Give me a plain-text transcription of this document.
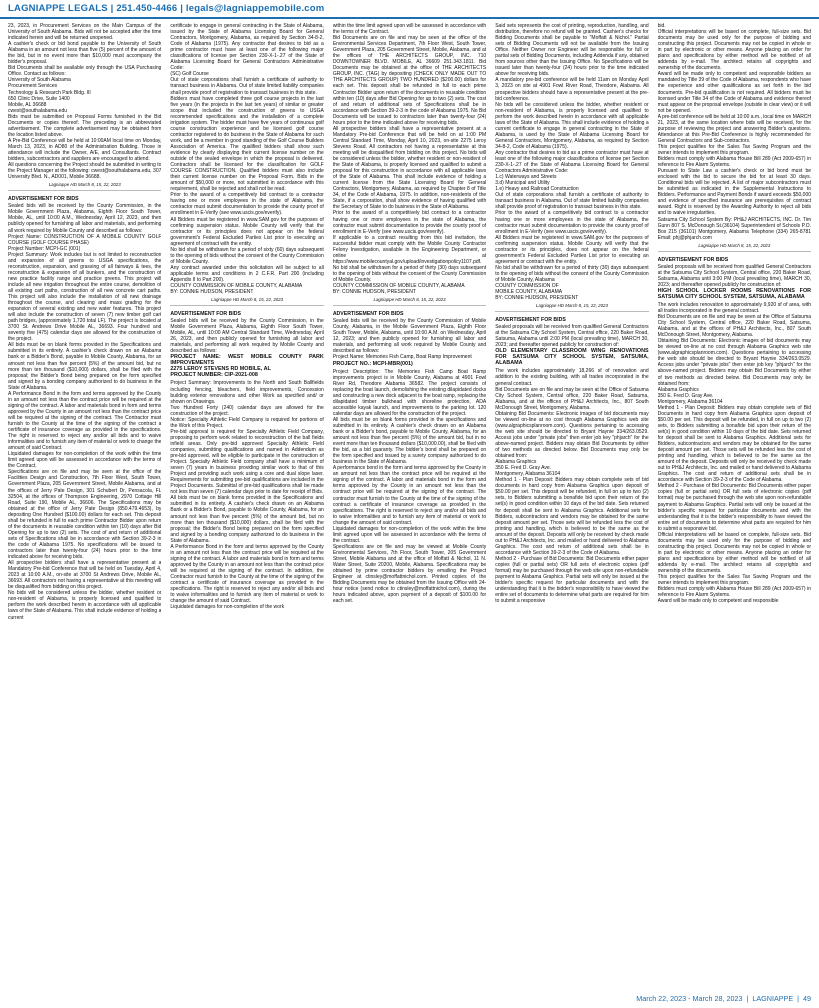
LAGNIAPPE LEGALS | 251.450-4466 | legals@lagniappemobile.com

23, 2023, in Procurement Services on the Main Campus of the University of South Alabama. Bids will not be accepted after the time indicated herein and will be returned unopened.
A cashier's check or bid bond payable to the University of South Alabama in an amount not less than five (5) percent of the amount of the bid, but in no event more than $10,000 must accompany the bidder's proposal.
Bid Documents shall be available only through the USA Purchasing Office. Contact as follows:
University of South Alabama
Procurement Services
Technology & Research Park Bldg. III
650 Clinic Drive, Suite 1400
Mobile, AL 36688
cwest@southalabama.edu
Bids must be submitted on Proposal Forms furnished in the Bid Documents or copies thereof. The preceding is an abbreviated advertisement. The complete advertisement may be obtained from the location listed above.
A Pre-Bid Conference will be held at 10:00AM local time on Monday, March 13, 2023, in AD80 of the Administration Building. Those in attendance will include the Owner, A/E, and Consultants. Contract bidders, subcontractors and suppliers are encouraged to attend.
All questions concerning the Project should be submitted in writing to the Project Manager at the following: cwest@southalabama.edu, 307 University Blvd. N., AD001, Mobile 36688.

Lagniappe HD March 8, 15, 22, 2023
ADVERTISEMENT FOR BIDS

Sealed bids will be received by the County Commission, in the Mobile Government Plaza, Alabama, Eighth Floor South Tower, Mobile, AL, until 10:00 A.M., Wednesday, April 12, 2023, and then publicly opened for furnishing all labor and materials, and performing all work required by Mobile County and described as follows:
Project Name: CONSTRUCTION OF A MOBILE COUNTY GOLF COURSE (GOLF COURSE PHASE)
Project Number: MCPI-GC (001)
Project Summary: Work includes but is not limited to reconstruction and expansion of all greens to USGA specifications, the reconstruction, expansion, and grassing of all fairways & tees, the reconstruction & expansion of all bunkers, and the construction of new practice facility range and practice greens. This project will include all new irrigation throughout the entire course, demolition of all existing cart paths, construction of all new concrete cart paths. This project will also include the installation of all new drainage throughout the course, and clearing and mass grading for the expansion of several existing and new water features. This project will also include the construction of seven (7) new timber golf cart path bridges, (approximately 1,720 total LF). The project is located at 3700 St. Andrews Drive Mobile AL, 36693. Four hundred and seventy five (475) calendar days are allowed for the construction of the project.
All bids must be on blank forms provided in the Specifications and submitted in its entirety. A cashier's check drawn on an Alabama bank or a Bidder's Bond, payable to Mobile County, Alabama, for an amount not less than five percent (5%) of the amount bid, but no more than ten thousand ($10,000) dollars, shall be filed with the proposal; the Bidder's Bond being prepared on the form specified and signed by a bonding company authorized to do business in the State of Alabama.
A Performance Bond in the form and terms approved by the County in an amount not less than the contract price will be required at the signing of the contract. A labor and materials bond in form and terms approved by the County in an amount not less than the contract price will be required at the signing of the contract. The Contractor must furnish to the County at the time of the signing of the contract a certificate of insurance coverage as provided in the specifications. The right is reserved to reject any and/or all bids and to waive informalities and to furnish any item of material or work to change the amount of said Contract.
Liquidated damages for non-completion of the work within the time limit agreed upon will be assessed in accordance with the terms of the Contract.
Specifications are on file and may be seen at the office of the Facilities Design and Construction, 7th Floor West, South Tower, Government Plaza, 205 Government Street, Mobile Alabama, and at the offices of Jerry Pate Design, 301 Schubert Dr, Pensacola, FL 32504, at the offices of Thompson Engineering, 2970 Cottage Hill Road, Suite 190, Mobile AL, 36606. The Specifications may be obtained at the office of Jerry Pate Design (850.479.4653), by depositing One Hundred ($100.00) dollars for each set. This deposit shall be refunded in full to each prime Contractor Bidder upon return of the documents in reusable condition within ten (10) days after Bid Opening for up to two (2) sets. The cost of and return of additional sets of Specifications shall be in accordance with Section 39-2-3 in the code of Alabama 1975. No specifications will be issued to contractors later than twenty-four (24) hours prior to the time indicated above for receiving bids.
All prospective bidders shall have a representative present at a Mandatory Pre-bid Conference that will be held on Tuesday, April 4, 2023 at 10:00 A.M., on-site at 3700 St Andrews Drive, Mobile AL, 36693. All contractors not having a representative at this meeting will be disqualified from bidding on this project.
No bids will be considered unless the bidder, whether resident or non-resident of Alabama, is properly licensed and qualified to perform the work described herein in accordance with all applicable laws of the State of Alabama. This shall include evidence of holding a current

certificate to engage in general contracting in the State of Alabama, issued by the State of Alabama Licensing Board for General Contractors, Montgomery, Alabama, as required by Section 34-8-2, Code of Alabama (1975). Any contractor that desires to bid as a prime contractor must have at least one of the following major classifications of license per Section 230-X-1-.27 of the State of Alabama Licensing Board for General Contractors Administrative Code:
(SC) Golf Course
Out of state corporations shall furnish a certificate of authority to transact business in Alabama. Out of state limited liability companies shall provide proof of registration to transact business in this state.
Bidders must have completed three golf course projects in the last five years (in the projects in the last ten years) of similar or greater scope that included the construction of greens to USGA recommended specifications and the installation of a complete irrigation system. The bidder must have five years of continuous golf course construction experience and be licensed golf course contractor registered to do business in the State of Alabama for such work, and be a member in good standing of the Golf Course Builders Association of America. The qualified bidders shall show such evidence by clearly displaying their current license number on the outside of the sealed envelope in which the proposal is delivered. Contractors shall be licensed for the classification for GOLF COURSE CONSTRUCTION. Qualified bidders must also include their current license number on the Proposal Form. Bids in the amount of $50,000 or more, not submitted in accordance with this requirement, shall be rejected and shall not be read.
Prior to the award of a competitively bid contract to a contractor having one or more employees in the state of Alabama, the contractor must submit documentation to provide the county proof of enrollment in E-Verify (see www.uscis.gov/everify).
All Bidders must be registered in www.SAM.gov for the purposes of confirming suspension status. Mobile County will verify that the contractor or its principles does not appear on the federal government's Federal Excluded Parties List prior to executing an agreement of contract with the entity.
No bid shall be withdrawn for a period of sixty (60) days subsequent to the opening of bids without the consent of the County Commission of Mobile County.
Any contract awarded under this solicitation will be subject to all applicable terms and conditions in 2 C.F.R. Part 200 (including Appendix II to Part 200).
COUNTY COMMISSION OF MOBILE COUNTY, ALABAMA
BY: CONNIE HUDSON, PRESIDENT

Lagniappe HD March 8, 15, 22, 2023
ADVERTISEMENT FOR BIDS

Sealed bids will be received by the County Commission, in the Mobile Government Plaza, Alabama, Eighth Floor South Tower, Mobile, AL, until 10:00 AM Central Standard Time, Wednesday, April 26, 2023, and then publicly opened for furnishing all labor and materials, and performing all work required by Mobile County and described as follows:

PROJECT NAME: WEST MOBILE COUNTY PARK IMPROVEMENTS
2275 LEROY STEVENS RD MOBILE, AL
PROJECT NUMBER: CIP-2021-008

Project Summary: Improvements to the North and South Ballfields including fencing, bleachers, field improvements, Concession building exterior renovations and other Work as specified and/ or shown on Drawings.
Two Hundred Forty (240) calendar days are allowed for the construction of the project.
Notice: Specialty Athletic Field Company is required for portions of the Work of this Project.
Pre-bid approval is required for Specialty Athletic Field Company, proposing to perform work related to reconstruction of the ball fields infield areas. Only pre-bid approved Specialty Athletic Field companies, submitting qualifications and named in Addendum as pre-bid approved, will be eligible to participate in the construction of Project. Specialty Athletic Field company shall have a minimum of seven (7) years in business providing similar work to that of this Project and providing such work using a core and dual slope laser. Requirements for submitting pre-bid qualifications are included in the Project Documents. Submittal of pre-bid qualifications shall be made not less than seven (7) calendar days prior to date for receipt of Bids.
All bids must be on blank forms provided in the Specifications and submitted in its entirety. A cashier's check drawn on an Alabama Bank or a Bidder's Bond, payable to Mobile County, Alabama, for an amount not less than five percent (5%) of the amount bid, but no more than ten thousand ($10,000) dollars, shall be filed with the proposal; the Bidder's Bond being prepared on the form specified and signed by a bonding company authorized to do business in the State of Alabama.
A Performance Bond in the form and terms approved by the County in an amount not less than the contract price will be required at the signing of the contract. A labor and materials bond in form and terms approved by the County in an amount not less than the contract price will be required at the signing of the contract. In addition, the Contractor must furnish to the County at the time of the signing of the contract a certificate of insurance coverage as provided in the specifications. The right is reserved to reject any and/or all bids and to waive informalities and to furnish any item of material or work to change the amount of said Contract.
Liquidated damages for non-completion of the work

within the time limit agreed upon will be assessed in accordance with the terms of the Contract.
Bid Documents are on file and may be seen at the office of the Environmental Services Department, 7th Floor West, South Tower, Government Plaza, 205 Government Street, Mobile, Alabama, and at the offices of THE ARCHITECTS GROUP, INC. 710 DOWNTOWNER BLVD. MOBILE, AL 36609 251.343.1811. Bid Documents may be obtained at the office of THE ARCHITECTS GROUP, INC. (TAG) by depositing (CHECK ONLY MADE OUT TO THE ARCHITECTS GROUP) TWO HUNDRED ($200.00) dollars for each set. This deposit shall be refunded in full to each prime Contractor Bidder upon return of the documents in reusable condition within ten (10) days after Bid Opening for up to two (2) sets. The cost of and return of additional sets of Specifications shall be in accordance with Section 39-2-3 in the code of Alabama 1975. No Bid Documents will be issued to contractors later than twenty-four (24) hours prior to the time indicated above for receiving bids.
All prospective bidders shall have a representative present at a Mandatory Pre-bid Conference that will be held on at 1:00 PM Central Standard Time, Monday, April 10, 2023, on-site 2275 Leroy Stevens Road. All contractors not having a representative at this meeting will be disqualified from bidding on this project. No bids will be considered unless the bidder, whether resident or non-resident of the State of Alabama, is properly licensed and qualified to submit a proposal for this construction in accordance with all applicable laws of the State of Alabama. This shall include evidence of holding a current license from the State Licensing Board for General Contractors, Montgomery, Alabama, as required by Chapter 8 of Title 34, of the Code of Alabama, 1975. In addition, non-residents of the State, if a corporation, shall show evidence of having qualified with the Secretary of State to do business in the State of Alabama.
Prior to the award of a competitively bid contract to a contractor having one or more employees in the state of Alabama, the contractor must submit documentation to provide the county proof of enrollment in E-Verify (see www.uscis.gov/everify).
If applicable to a contract resulting from this bid invitation, the successful bidder must comply with the Mobile County Contractor Felony Investigation, available in the Engineering Department, or online at https://www.mobilecountyal.gov/upload/investigationpolicy1107.pdf.
No bid shall be withdrawn for a period of thirty (30) days subsequent to the opening of bids without the consent of the County Commission of Mobile County.
COUNTY COMMISSION OF MOBILE COUNTY, ALABAMA
BY: CONNIE HUDSON, PRESIDENT

Lagniappe HD March 8, 15, 22, 2023
ADVERTISEMENT FOR BIDS

Sealed bids will be received by the County Commission of Mobile County, Alabama, in the Mobile Government Plaza, Eighth Floor South Tower, Mobile, Alabama, until 10:00 A.M. on Wednesday, April 12, 2023; and then publicly opened for furnishing all labor and materials, and performing all work required by Mobile County and described as follows:
Project Name: Memories Fish Camp, Boat Ramp Improvement

PROJECT NO.: MCPI-MBR(001)

Project Description: The Memories Fish Camp Boat Ramp improvements project is in Mobile County, Alabama at 4901 Fowl River Rd, Theodore Alabama 36582. The project consists of replacing the boat launch, demolishing the existing dilapidated docks and constructing a new dock adjacent to the boat ramp, replacing the dilapidated timber bulkhead with shoreline protection, ADA accessible kayak launch, and improvements to the parking lot. 120 calendar days are allowed for the construction of the project.
All bids must be on blank forms provided in the specifications and submitted in its entirety. A cashier's check drawn on an Alabama bank or a Bidder's bond, payable to Mobile County, Alabama, for an amount not less than five percent (5%) of the amount bid, but in no event more than ten thousand dollars ($10,000.00), shall be filed with the bid, as a bid guaranty. The bidder's bond shall be prepared on the form specified and issued by a surety company authorized to do business in the State of Alabama.
A performance bond in the form and terms approved by the County in an amount not less than the contract price will be required at the signing of the contract. A labor and materials bond in the form and terms approved by the County in an amount not less than the contract price will be required at the signing of the contract. The contractor must furnish to the County at the time of the signing of the contract a certificate of insurance coverage as provided in the specifications. The right is reserved to reject any and/or all bids and to waive informalities and to furnish any item of material or work to change the amount of said contract.
Liquidated damages for non-completion of the work within the time limit agreed upon will be assessed in accordance with the terms of the contract.
Specifications are on file and may be viewed at Mobile County Environmental Services, 7th Floor, South Tower, 205 Government Street, Mobile Alabama and at the office of Moffatt & Nichol, 11 N. Water Street, Suite 20200, Mobile, Alabama. Specifications may be obtained by prime contractor bidders by emailing the Project Engineer at ctinsley@moffattnichol.com. Printed copies of the Bidding Documents may be obtained from the Issuing Office with 24-hour notice (send notice to ctinsley@moffattnichol.com), during the hours indicated above, upon payment of a deposit of $100.00 for each set.

Said sets represents the cost of printing, reproduction, handling, and distribution, therefore no refund will be granted. Cashier's checks for Bidding Documents shall be payable to "Moffatt & Nichol." Partial sets of Bidding Documents will not be available from the Issuing Office. Neither Owner nor Engineer will be responsible for full or partial sets of Bidding Documents, including Addenda if any, obtained from sources other than the Issuing Office. No Specifications will be issued later than twenty-four (24) hours prior to the time indicated above for receiving bids.
A mandatory pre-bid conference will be held 11am on Monday April 3, 2023 on site at 4901 Fowl River Road, Theodore, Alabama. All prospective bidders should have a representative present at the pre-bid conference.
No bids will be considered unless the bidder, whether resident or non-resident of Alabama, is properly licensed and qualified to perform the work described herein in accordance with all applicable laws of the State of Alabama. This shall include evidence of holding a current certificate to engage in general contracting in the State of Alabama, is used by the State of Alabama Licensing Board for General Contractors, Montgomery, Alabama, as required by Section 34-8-2, Code of Alabama (1975).
Any contractor that desires to bid as a prime contractor must have at least one of the following major classifications of license per Section 230-X-1-.27 of the State of Alabama Licensing Board for General Contractors Administrative Code:
1.c) Waterways and Streets
3.d) Municipal and Utility
1.e) Heavy and Railroad Construction
Out of state corporations shall furnish a certificate of authority to transact business in Alabama. Out of state limited liability companies shall provide proof of registration to transact business in this state.
Prior to the award of a competitively bid contract to a contractor having one or more employees in the state of Alabama, the contractor must submit documentation to provide the county proof of enrollment in E-Verify (see www.uscis.gov/everify).
All Bidders must be registered in www.SAM.gov for the purposes of confirming suspension status. Mobile County will verify that the contractor or its principles, does not appear on the federal government's Federal Excluded Parties List prior to executing an agreement or contract with the entity.
No bid shall be withdrawn for a period of thirty (30) days subsequent to the opening of bids without the consent of the County Commission of Mobile County, Alabama
COUNTY COMMISSION OF
MOBILE COUNTY, ALABAMA
BY: CONNIE HUDSON, PRESIDENT

Lagniappe HD March 8, 15, 22, 2023
ADVERTISEMENT FOR BIDS

Sealed proposals will be received from qualified General Contractors at the Satsuma City School System, Central office, 220 Baker Road, Satsuma, Alabama until 2:00 PM (local prevailing time), MARCH 30, 2023; and thereafter opened publicly for construction of:

OLD ELEMENTARY CLASSROOM WING RENOVATIONS FOR SATSUMA CITY SCHOOL SYSTEM, SATSUMA, ALABAMA

The work includes approximately 18,266 sf of renovation and addition to the existing building, with all trades incorporated in the general contract.
Bid Documents are on file and may be seen at the Office of Satsuma City School System, Central office, 220 Baker Road, Satsuma, Alabama, and at the offices of PH&J Architects, Inc., 807 South McDonough Street, Montgomery, Alabama.
Obtaining Bid Documents: Electronic images of bid documents may be viewed on-line at no cost through Alabama Graphics web site (www.algraphicsplanroom.com). Questions pertaining to accessing the web site should be directed to Bryant Haynie 334/263.0529. Access jobs under "private jobs" then enter job key "phjarch" for the above-named project. Bidders may obtain Bid Documents by either of two methods as directed below. Bid Documents may only be obtained from:
Alabama Graphics
350 E. Fred D. Gray Ave.
Montgomery, Alabama 36104
Method 1 - Plan Deposit: Bidders may obtain complete sets of bid documents in hard copy from Alabama Graphics upon deposit of $50.00 per set. This deposit will be refunded, in full on up to two (2) sets, to Bidders submitting a bonafide bid upon their return of the set(s) in good condition within 10 days of the bid date. Sets returned for deposit shall be sent to Alabama Graphics. Additional sets for Bidders, subcontractors and vendors may be obtained for the same deposit amount per set. Those sets will be refunded less the cost of printing and handling, which is believed to be the same as the amount of the deposit. Deposits will only be received by check made out to PH&J Architects, Inc. and mailed or hand delivered to Alabama Graphics. The cost and return of additional sets shall be in accordance with Section 39-2-3 of the Code of Alabama.
Method 2 - Purchase of Bid Documents: Bid Documents either paper copies (full or partial sets) OR full sets of electronic copies (pdf format) may be purchased through the web site upon non-refundable payment to Alabama Graphics. Partial sets will only be issued at the bidder's specific request for particular documents and with the understanding that it is the bidder's responsibility to have viewed the entire set of documents to determine what parts are required for him to submit a responsive

bid.
Official interpretations will be based on complete, full-size sets. Bid documents may be used only for the purpose of bidding and constructing this project. Documents may not be copied in whole or in part by electronic or other means. Anyone placing an order for plans and specifications by either method will be notified of all addenda by e-mail. The architect retains all copyrights and ownership of the documents.
Award will be made only to competent and responsible bidders as mandated by Title 39 of the Code of Alabama, respondents who have the experience and other qualifications as set forth in the bid documents. Pre-bid qualification is not required. All bidders must be licensed under Title 34 of the Code of Alabama and evidence thereof must appear on the proposal envelope (outside in clear view) or it will not be opened.
A pre-bid conference will be held at 10:00 a.m., local time on MARCH 21, 2023, at the same location where bids will be received, for the purpose of reviewing the project and answering Bidder's questions. Attendance at this Pre-Bid Conference is highly recommended for General Contractors and Sub-contractors.
This project qualifies for the Sales Tax Saving Program and the owner intends to implement this program.
Bidders must comply with Alabama House Bill 289 (Act 2009-657) in reference to Fire Alarm Systems.
Pursuant to State Law a cashier's check or bid bond must be enclosed with the bid to secure the bid for at least 30 days. Conditional bids will be rejected. A list of major subcontractors must be submitted as indicated in the Supplemental Instructions to Bidders. Performance and Payment Bonds if award exceeds $50,000 and evidence of specified insurance are prerequisites of contract award. Right is reserved by the Awarding Authority to reject all bids and to waive irregularities.
Satsuma City School System By: PH&J ARCHITECTS, INC. Dr. Tim Gunn 807 S. McDonough St.(36104) Superintendent of Schools P.O. Box 215 (36101) Montgomery, Alabama Telephone (334) 265-8781 Email: phj@phjarch.com

Lagniappe HD March 8, 15, 22, 2023
ADVERTISEMENT FOR BIDS

Sealed proposals will be received from qualified General Contractors at the Satsuma City School System, Central office, 220 Baker Road, Satsuma, Alabama until 3:00 PM (local prevailing time), MARCH 30, 2023; and thereafter opened publicly for construction of:

HIGH SCHOOL LOCKER ROOMS RENOVATIONS FOR SATSUMA CITY SCHOOL SYSTEM, SATSUMA, ALABAMA

The work includes renovation to approximately 9,920 sf of area, with all trades incorporated in the general contract.
Bid Documents are on file and may be seen at the Office of Satsuma City School System, Central office, 220 Baker Road, Satsuma, Alabama, and at the offices of PH&J Architects, Inc., 807 South McDonough Street, Montgomery, Alabama.
Obtaining Bid Documents: Electronic images of bid documents may be viewed on-line at no cost through Alabama Graphics web site (www.algraphicsplanroom.com). Questions pertaining to accessing the web site should be directed to Bryant Haynie 334/263.0529. Access jobs under "private jobs" then enter job key "phjarch" for the above-named project. Bidders may obtain Bid Documents by either of two methods as directed below. Bid Documents may only be obtained from:
Alabama Graphics
350 E. Fred D. Gray Ave.
Montgomery, Alabama 36104
Method 1 - Plan Deposit: Bidders may obtain complete sets of Bid Documents in hard copy from Alabama Graphics upon deposit of $50.00 per set. This deposit will be refunded, in full on up to two (2) sets, to Bidders submitting a bonafide bid upon their return of the set(s) in good condition within 10 days of the bid date. Sets returned for deposit shall be sent to Alabama Graphics. Additional sets for Bidders, subcontractors and vendors may be obtained for the same deposit amount per set. Those sets will be refunded less the cost of printing and handling, which is believed to be the same as the amount of the deposit. Deposits will only be received by check made out to PH&J Architects, Inc. and mailed or hand delivered to Alabama Graphics. The cost and return of additional sets shall be in accordance with Section 39-2-3 of the Code of Alabama.
Method 2 - Purchase of Bid Documents: Bid Documents either paper copies (full or partial sets) OR full sets of electronic copies (pdf format) may be purchased through the web site upon non-refundable payment to Alabama Graphics. Partial sets will only be issued at the bidder's specific request for particular documents and with the understanding that it is the bidder's responsibility to have viewed the entire set of documents to determine what parts are required for him to submit a responsive bid.
Official interpretations will be based on complete, full-size sets. Bid documents may be used only for the purpose of bidding and constructing this project. Documents may not be copied in whole or in part by electronic or other means. Anyone placing an order for plans and specifications by either method will be notified of all addenda by e-mail. The architect retains all copyrights and ownership of the documents.
This project qualifies for the Sales Tax Saving Program and the owner intends to implement this program.
Bidders must comply with Alabama House Bill 289 (Act 2009-657) in reference to Fire Alarm Systems.
Award will be made only to competent and responsible

March 22, 2023 - March 28, 2023 | LAGNIAPPE | 49
